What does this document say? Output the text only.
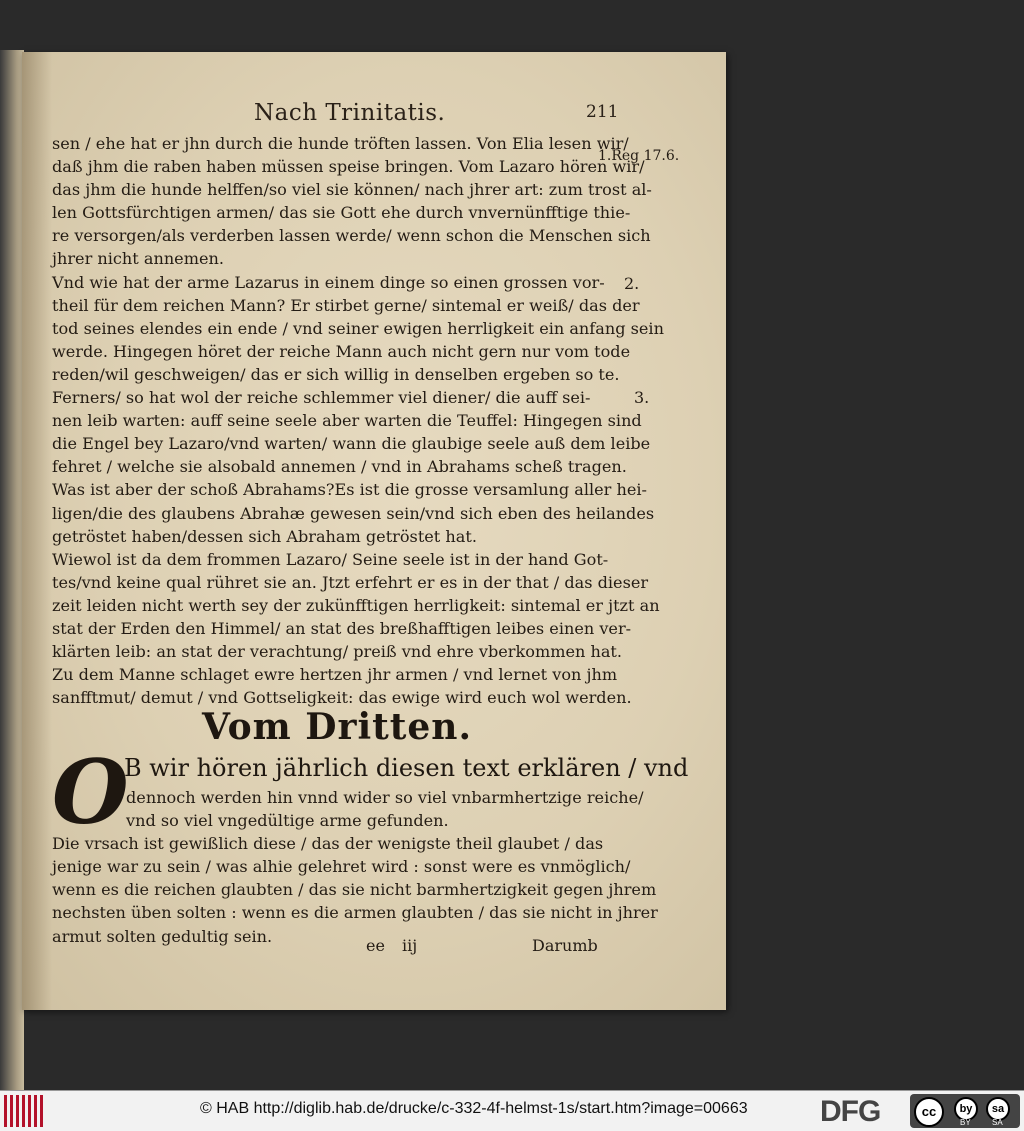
Nach Trinitatis.	211

sen / ehe hat er jhn durch die hunde tröften lassen. Von Elia lesen wir/
daß jhm die raben haben müssen speise bringen. Vom Lazaro hören wir/
das jhm die hunde helffen/so viel sie können/ nach jhrer art: zum trost al-
len Gottsfürchtigen armen/ das sie Gott ehe durch vnvernünfftige thie-
re versorgen/als verderben lassen werde/ wenn schon die Menschen sich
jhrer nicht annemen.

Vnd wie hat der arme Lazarus in einem dinge so einen grossen vor-
theil für dem reichen Mann? Er stirbet gerne/ sintemal er weiß/ das der
tod seines elendes ein ende / vnd seiner ewigen herrligkeit ein anfang sein
werde. Hingegen höret der reiche Mann auch nicht gern nur vom tode
reden/wil geschweigen/ das er sich willig in denselben ergeben so te.

Ferners/ so hat wol der reiche schlemmer viel diener/ die auff sei-
nen leib warten: auff seine seele aber warten die Teuffel: Hingegen sind
die Engel bey Lazaro/vnd warten/ wann die glaubige seele auß dem leibe
fehret / welche sie alsobald annemen / vnd in Abrahams scheß tragen.
Was ist aber der schoß Abrahams?Es ist die grosse versamlung aller hei-
ligen/die des glaubens Abrahæ gewesen sein/vnd sich eben des heilandes
getröstet haben/dessen sich Abraham getröstet hat.

Wiewol ist da dem frommen Lazaro/ Seine seele ist in der hand Got-
tes/vnd keine qual rühret sie an. Jtzt erfehrt er es in der that / das dieser
zeit leiden nicht werth sey der zukünfftigen herrligkeit: sintemal er jtzt an
stat der Erden den Himmel/ an stat des breßhafftigen leibes einen ver-
klärten leib: an stat der verachtung/ preiß vnd ehre vberkommen hat.

Zu dem Manne schlaget ewre hertzen jhr armen / vnd lernet von jhm
sanfftmut/ demut / vnd Gottseligkeit: das ewige wird euch wol werden.

Vom Dritten.
O
B wir hören jährlich diesen text erklären / vnd
dennoch werden hin vnnd wider so viel vnbarmhertzige reiche/
vnd so viel vngedültige arme gefunden.
Die vrsach ist gewißlich diese / das der wenigste theil glaubet / das
jenige war zu sein / was alhie gelehret wird : sonst were es vnmöglich/
wenn es die reichen glaubten / das sie nicht barmhertzigkeit gegen jhrem
nechsten üben solten : wenn es die armen glaubten / das sie nicht in jhrer
armut solten gedultig sein.
1.Reg 17.6.
2.
3.
ee iij	Darumb
© HAB http://diglib.hab.de/drucke/c-332-4f-helmst-1s/start.htm?image=00663 DFG	cc	by	sa
BY	SA
